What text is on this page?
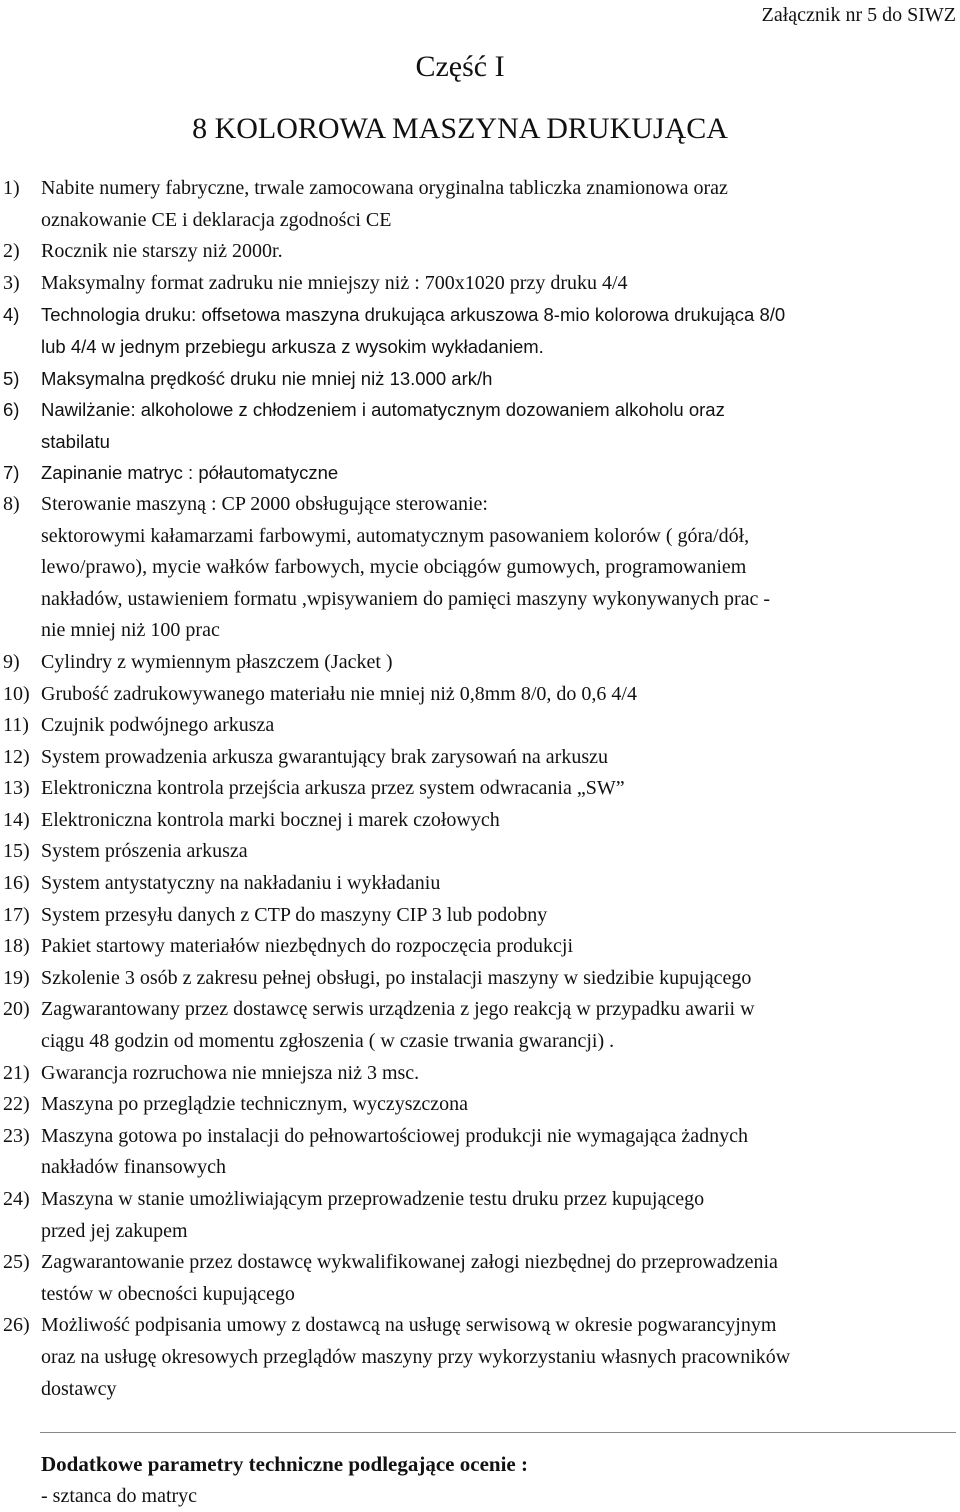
Załącznik nr 5 do SIWZ
Część I
8 KOLOROWA MASZYNA DRUKUJĄCA
1) Nabite numery fabryczne, trwale zamocowana oryginalna tabliczka znamionowa oraz
oznakowanie CE i deklaracja zgodności CE
2) Rocznik nie starszy niż 2000r.
3) Maksymalny format zadruku nie mniejszy niż : 700x1020 przy druku 4/4
4) Technologia druku: offsetowa maszyna drukująca arkuszowa 8-mio kolorowa drukująca 8/0
lub 4/4 w jednym przebiegu arkusza z wysokim wykładaniem.
5) Maksymalna prędkość druku nie mniej niż 13.000 ark/h
6) Nawilżanie: alkoholowe z chłodzeniem i automatycznym dozowaniem alkoholu oraz
stabilatu
7) Zapinanie matryc : półautomatyczne
8) Sterowanie maszyną : CP 2000 obsługujące sterowanie:
sektorowymi kałamarzami farbowymi, automatycznym pasowaniem kolorów ( góra/dół,
lewo/prawo), mycie wałków farbowych, mycie obciągów gumowych, programowaniem
nakładów, ustawieniem formatu ,wpisywaniem do pamięci maszyny wykonywanych prac -
nie mniej niż 100 prac
9) Cylindry z wymiennym płaszczem (Jacket )
10) Grubość zadrukowywanego materiału nie mniej niż 0,8mm 8/0, do 0,6 4/4
11) Czujnik podwójnego arkusza
12) System prowadzenia arkusza gwarantujący brak zarysowań na arkuszu
13) Elektroniczna kontrola przejścia arkusza przez system odwracania „SW”
14) Elektroniczna kontrola marki bocznej i marek czołowych
15) System prószenia arkusza
16) System antystatyczny na nakładaniu i wykładaniu
17) System przesyłu danych z CTP do maszyny CIP 3 lub podobny
18) Pakiet startowy materiałów niezbędnych do rozpoczęcia produkcji
19) Szkolenie 3 osób z zakresu pełnej obsługi, po instalacji maszyny w siedzibie kupującego
20) Zagwarantowany przez dostawcę serwis urządzenia z jego reakcją w przypadku awarii w
ciągu 48 godzin od momentu zgłoszenia ( w czasie trwania gwarancji) .
21) Gwarancja rozruchowa nie mniejsza niż 3 msc.
22) Maszyna po przeglądzie technicznym, wyczyszczona
23) Maszyna gotowa po instalacji do pełnowartościowej produkcji nie wymagająca żadnych
nakładów finansowych
24) Maszyna w stanie umożliwiającym przeprowadzenie testu druku przez kupującego
przed jej zakupem
25) Zagwarantowanie przez dostawcę wykwalifikowanej załogi niezbędnej do przeprowadzenia
testów w obecności kupującego
26) Możliwość podpisania umowy z dostawcą na usługę serwisową w okresie pogwarancyjnym
oraz na usługę okresowych przeglądów maszyny przy wykorzystaniu własnych pracowników
dostawcy
Dodatkowe parametry techniczne podlegające ocenie :
- sztanca do matryc
